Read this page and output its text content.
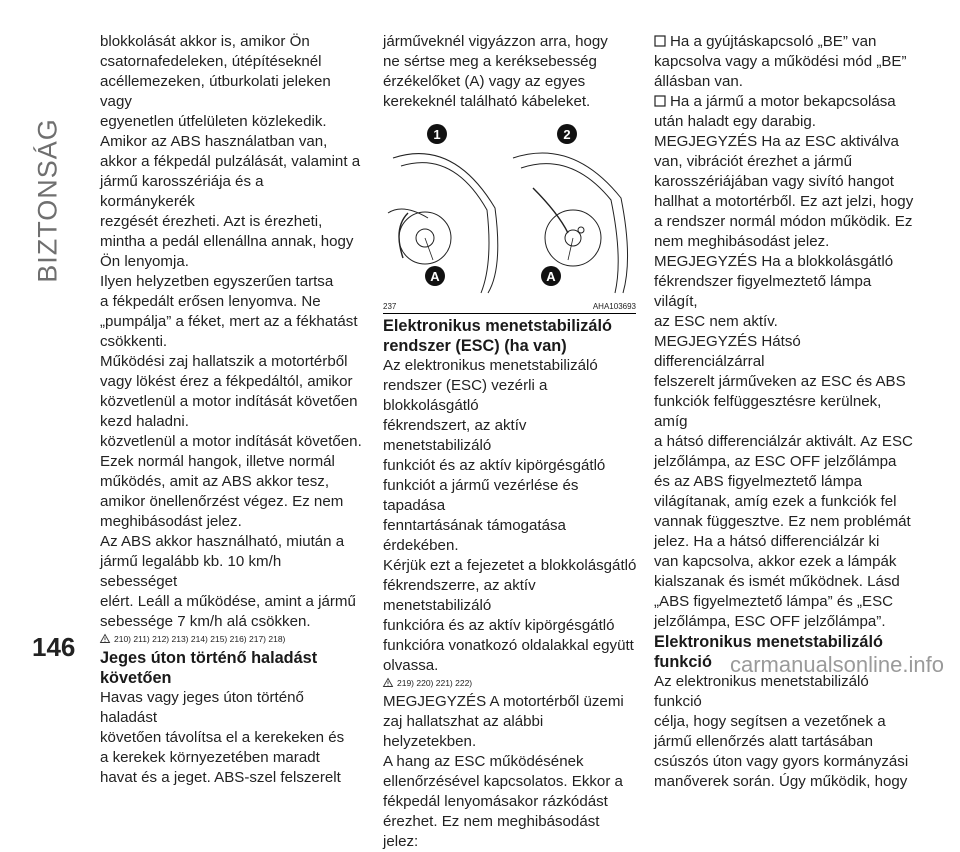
BIZTONSÁG

blokkolását akkor is, amikor Ön
csatornafedeleken, útépítéseknél
acéllemezeken, útburkolati jeleken vagy
egyenetlen útfelületen közlekedik.

Amikor az ABS használatban van,
akkor a fékpedál pulzálását, valamint a
jármű karosszériája és a kormánykerék
rezgését érezheti. Azt is érezheti,
mintha a pedál ellenállna annak, hogy
Ön lenyomja.

Ilyen helyzetben egyszerűen tartsa
a fékpedált erősen lenyomva. Ne
„pumpálja” a féket, mert az a fékhatást
csökkenti.

Működési zaj hallatszik a motortérből
vagy lökést érez a fékpedáltól, amikor
közvetlenül a motor indítását követően
kezd haladni.

közvetlenül a motor indítását követően.
Ezek normál hangok, illetve normál
működés, amit az ABS akkor tesz,
amikor önellenőrzést végez. Ez nem
meghibásodást jelez.

Az ABS akkor használható, miután a
jármű legalább kb. 10 km/h sebességet
elért. Leáll a működése, amint a jármű
sebessége 7 km/h alá csökken.

210) 211) 212) 213) 214) 215) 216) 217) 218)
Jeges úton történő haladást
követően

Havas vagy jeges úton történő haladást
követően távolítsa el a kerekeken és
a kerekek környezetében maradt
havat és a jeget. ABS-szel felszerelt

járműveknél vigyázzon arra, hogy
ne sértse meg a keréksebesség
érzékelőket (A) vagy az egyes
kerekeknél található kábeleket.

1	2
A	A
237	AHA103693
Elektronikus menetstabilizáló
rendszer (ESC) (ha van)

Az elektronikus menetstabilizáló
rendszer (ESC) vezérli a blokkolásgátló
fékrendszert, az aktív menetstabilizáló
funkciót és az aktív kipörgésgátló
funkciót a jármű vezérlése és tapadása
fenntartásának támogatása érdekében.
Kérjük ezt a fejezetet a blokkolásgátló
fékrendszerre, az aktív menetstabilizáló
funkcióra és az aktív kipörgésgátló
funkcióra vonatkozó oldalakkal együtt
olvassa.

219) 220) 221) 222)

MEGJEGYZÉS A motortérből üzemi
zaj hallatszhat az alábbi helyzetekben.
A hang az ESC működésének
ellenőrzésével kapcsolatos. Ekkor a
fékpedál lenyomásakor rázkódást
érezhet. Ez nem meghibásodást jelez:

Ha a gyújtáskapcsoló „BE” van
kapcsolva vagy a működési mód „BE”
állásban van.

Ha a jármű a motor bekapcsolása
után haladt egy darabig.

MEGJEGYZÉS Ha az ESC aktiválva
van, vibrációt érezhet a jármű
karosszériájában vagy sivító hangot
hallhat a motortérből. Ez azt jelzi, hogy
a rendszer normál módon működik. Ez
nem meghibásodást jelez.

MEGJEGYZÉS Ha a blokkolásgátló
fékrendszer figyelmeztető lámpa világít,
az ESC nem aktív.

MEGJEGYZÉS Hátsó differenciálzárral
felszerelt járműveken az ESC és ABS
funkciók felfüggesztésre kerülnek, amíg
a hátsó differenciálzár aktivált. Az ESC
jelzőlámpa, az ESC OFF jelzőlámpa
és az ABS figyelmeztető lámpa
világítanak, amíg ezek a funkciók fel
vannak függesztve. Ez nem problémát
jelez. Ha a hátsó differenciálzár ki
van kapcsolva, akkor ezek a lámpák
kialszanak és ismét működnek. Lásd
„ABS figyelmeztető lámpa” és „ESC
jelzőlámpa, ESC OFF jelzőlámpa”.

Elektronikus menetstabilizáló
funkció

Az elektronikus menetstabilizáló funkció
célja, hogy segítsen a vezetőnek a
jármű ellenőrzés alatt tartásában
csúszós úton vagy gyors kormányzási
manőverek során. Úgy működik, hogy

146
carmanualsonline.info
